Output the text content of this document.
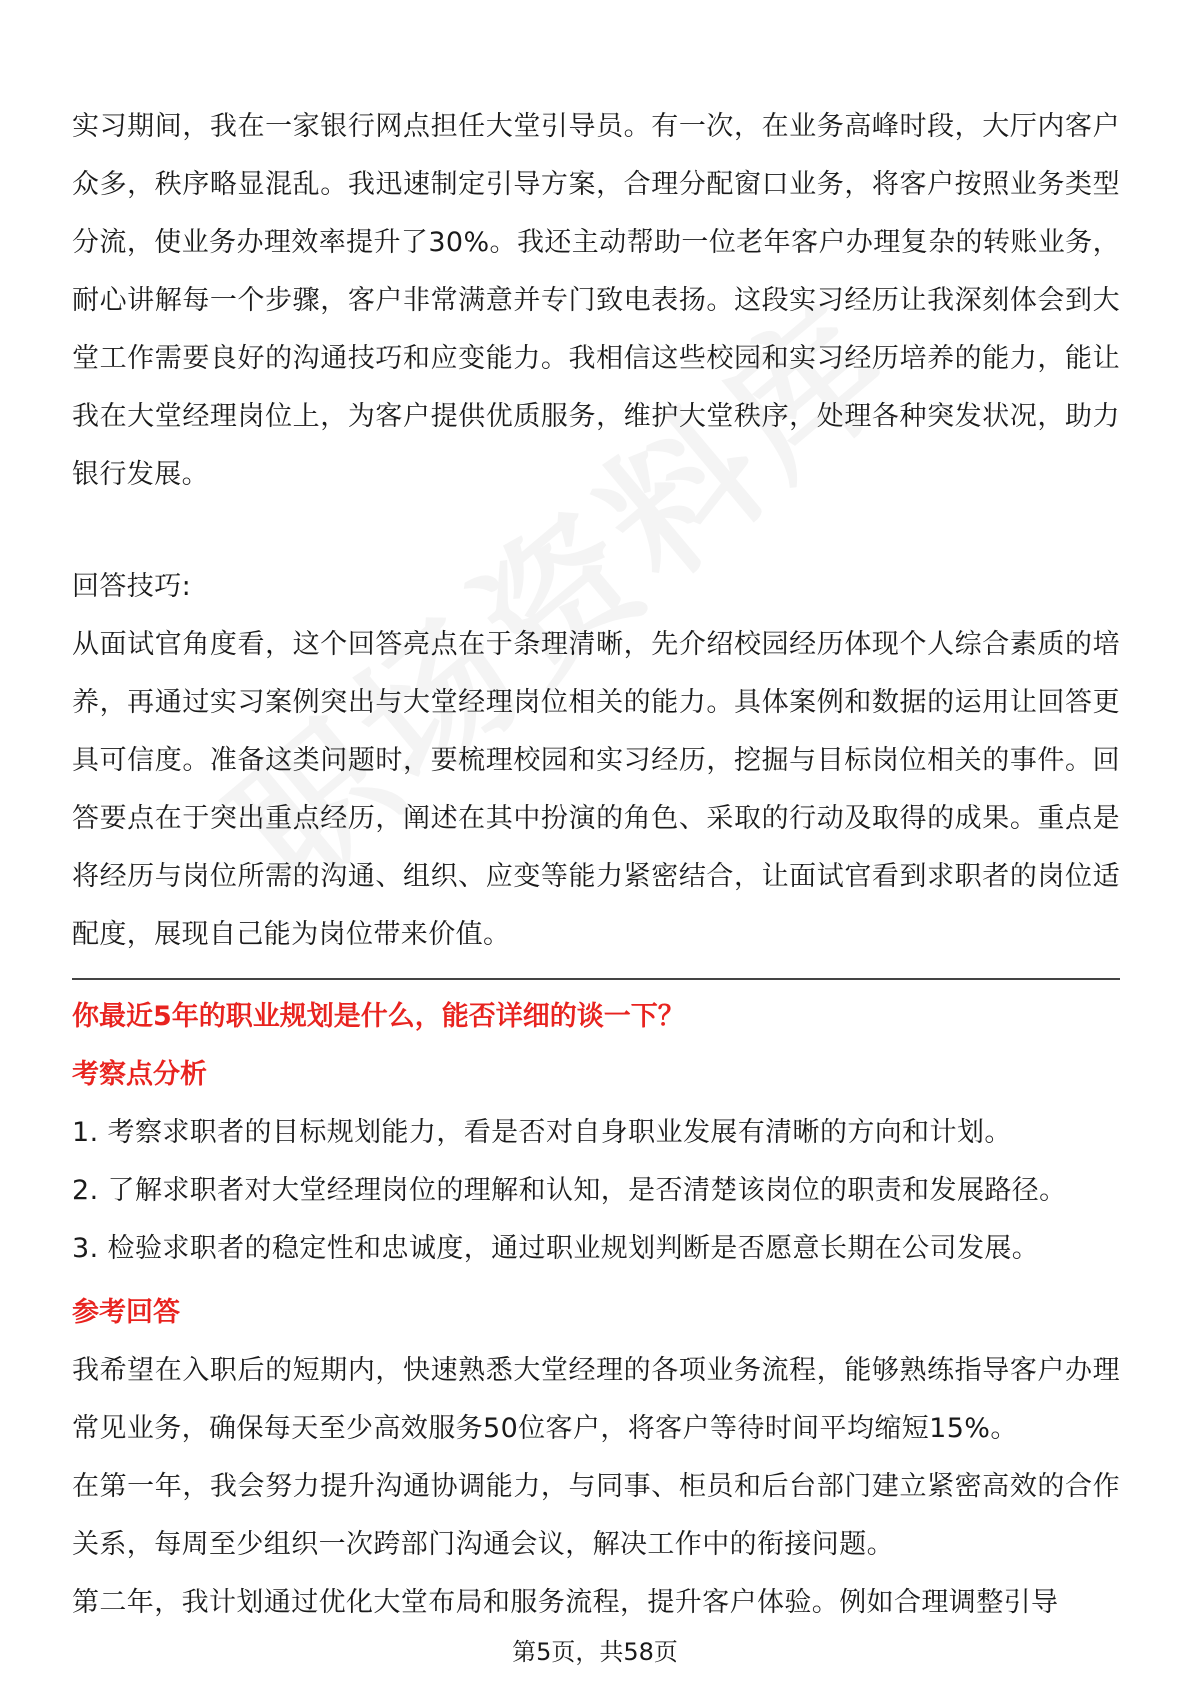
实习期间，我在一家银行网点担任大堂引导员。有一次，在业务高峰时段，大厅内客户众多，秩序略显混乱。我迅速制定引导方案，合理分配窗口业务，将客户按照业务类型分流，使业务办理效率提升了30%。我还主动帮助一位老年客户办理复杂的转账业务，耐心讲解每一个步骤，客户非常满意并专门致电表扬。这段实习经历让我深刻体会到大堂工作需要良好的沟通技巧和应变能力。我相信这些校园和实习经历培养的能力，能让我在大堂经理岗位上，为客户提供优质服务，维护大堂秩序，处理各种突发状况，助力银行发展。

回答技巧:

从面试官角度看，这个回答亮点在于条理清晰，先介绍校园经历体现个人综合素质的培养，再通过实习案例突出与大堂经理岗位相关的能力。具体案例和数据的运用让回答更具可信度。准备这类问题时，要梳理校园和实习经历，挖掘与目标岗位相关的事件。回答要点在于突出重点经历，阐述在其中扮演的角色、采取的行动及取得的成果。重点是将经历与岗位所需的沟通、组织、应变等能力紧密结合，让面试官看到求职者的岗位适配度，展现自己能为岗位带来价值。

你最近5年的职业规划是什么，能否详细的谈一下？

考察点分析

1. 考察求职者的目标规划能力，看是否对自身职业发展有清晰的方向和计划。

2. 了解求职者对大堂经理岗位的理解和认知，是否清楚该岗位的职责和发展路径。

3. 检验求职者的稳定性和忠诚度，通过职业规划判断是否愿意长期在公司发展。

参考回答

我希望在入职后的短期内，快速熟悉大堂经理的各项业务流程，能够熟练指导客户办理常见业务，确保每天至少高效服务50位客户，将客户等待时间平均缩短15%。

在第一年，我会努力提升沟通协调能力，与同事、柜员和后台部门建立紧密高效的合作关系，每周至少组织一次跨部门沟通会议，解决工作中的衔接问题。

第二年，我计划通过优化大堂布局和服务流程，提升客户体验。例如合理调整引导

第5页，共58页
